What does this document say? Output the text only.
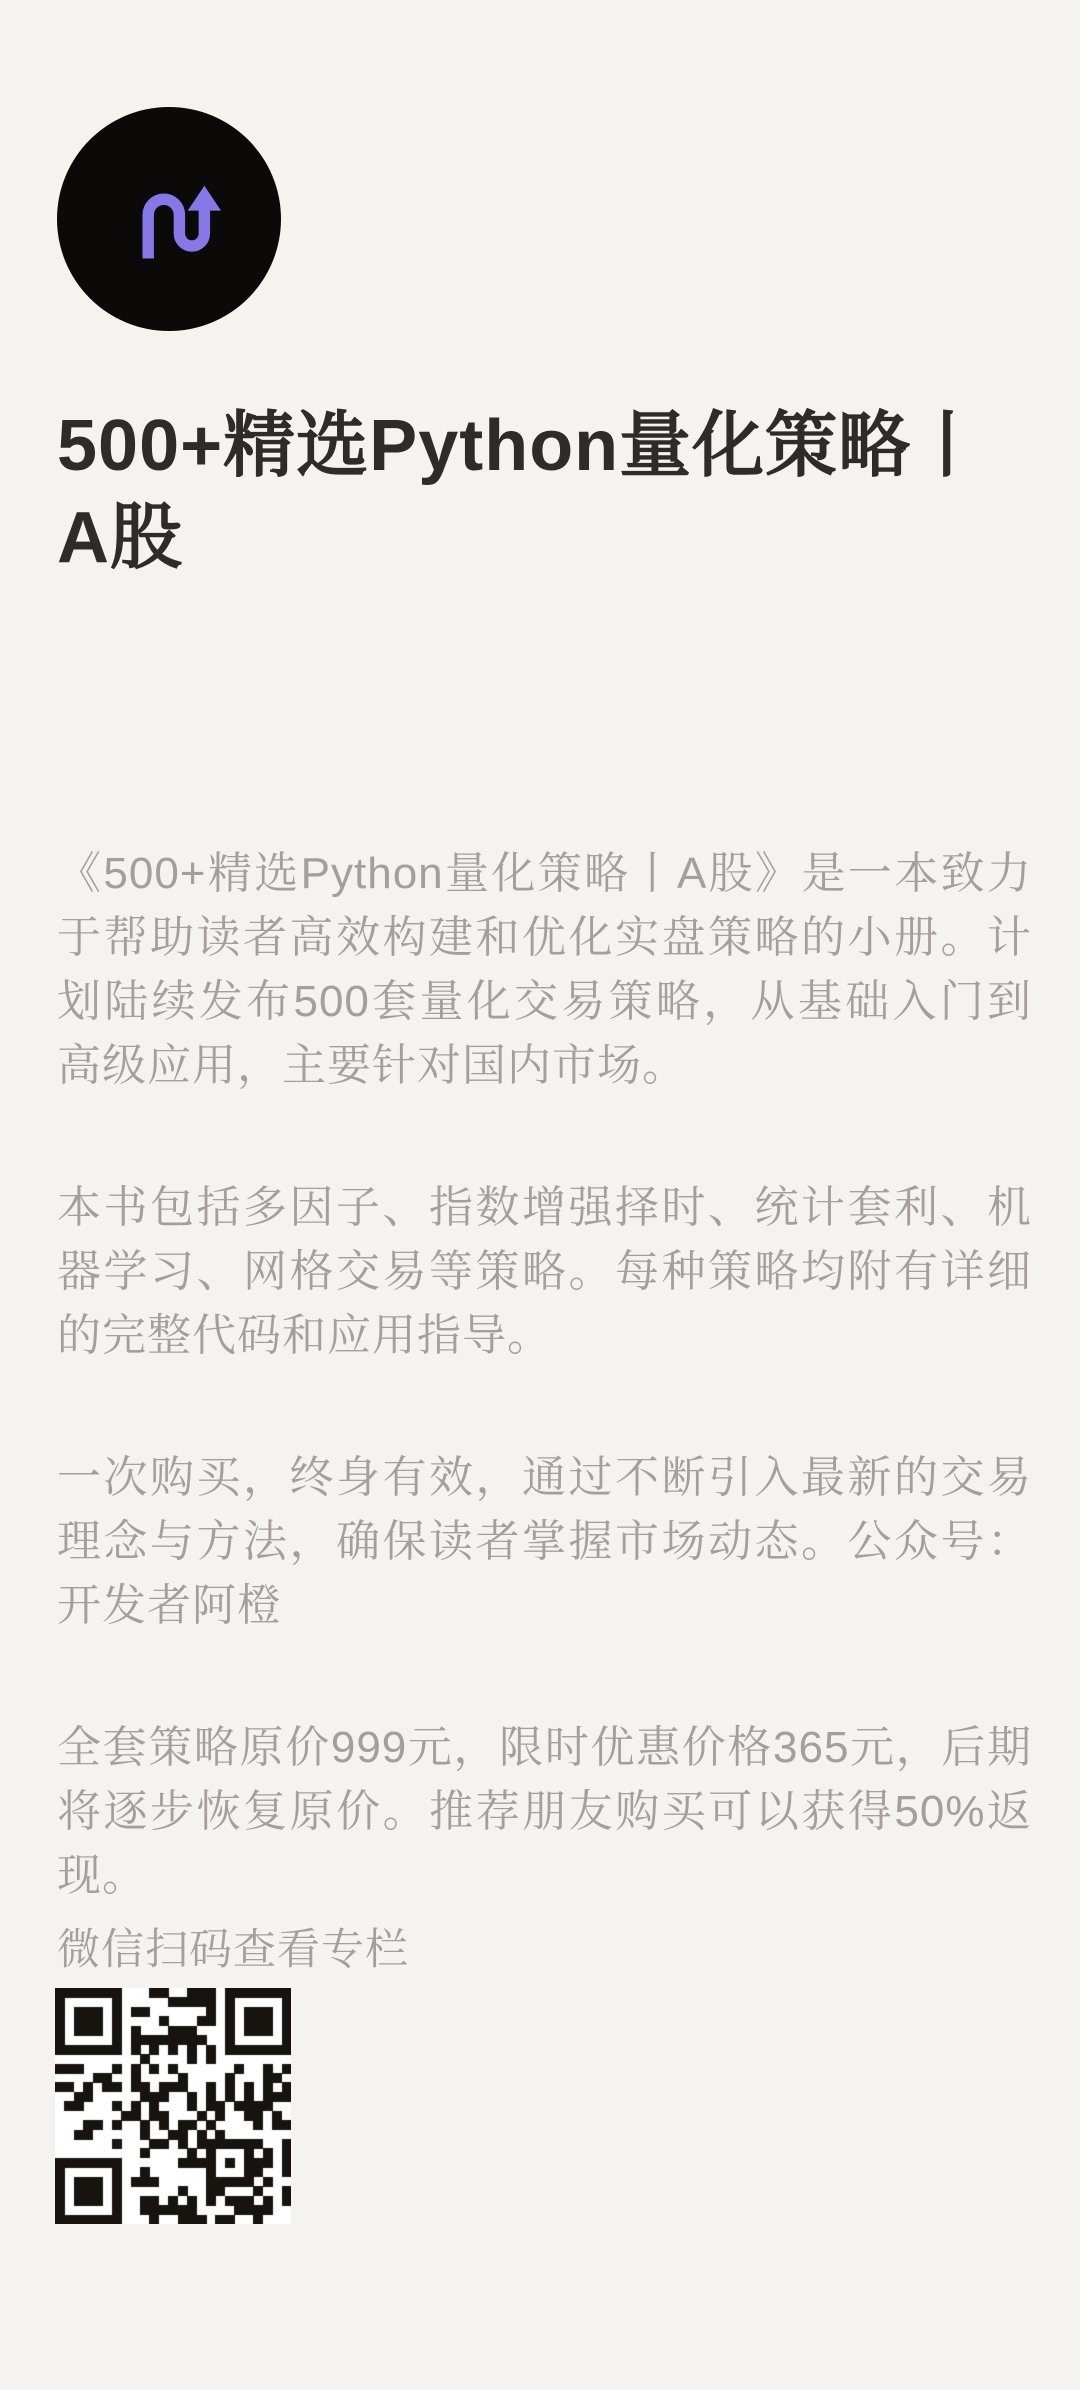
500+精选Python量化策略丨A股

《500+精选Python量化策略丨A股》是一本致力于帮助读者高效构建和优化实盘策略的小册。计划陆续发布500套量化交易策略，从基础入门到高级应用，主要针对国内市场。

本书包括多因子、指数增强择时、统计套利、机器学习、网格交易等策略。每种策略均附有详细的完整代码和应用指导。

一次购买，终身有效，通过不断引入最新的交易理念与方法，确保读者掌握市场动态。公众号：开发者阿橙

全套策略原价999元，限时优惠价格365元，后期将逐步恢复原价。推荐朋友购买可以获得50%返现。

微信扫码查看专栏
